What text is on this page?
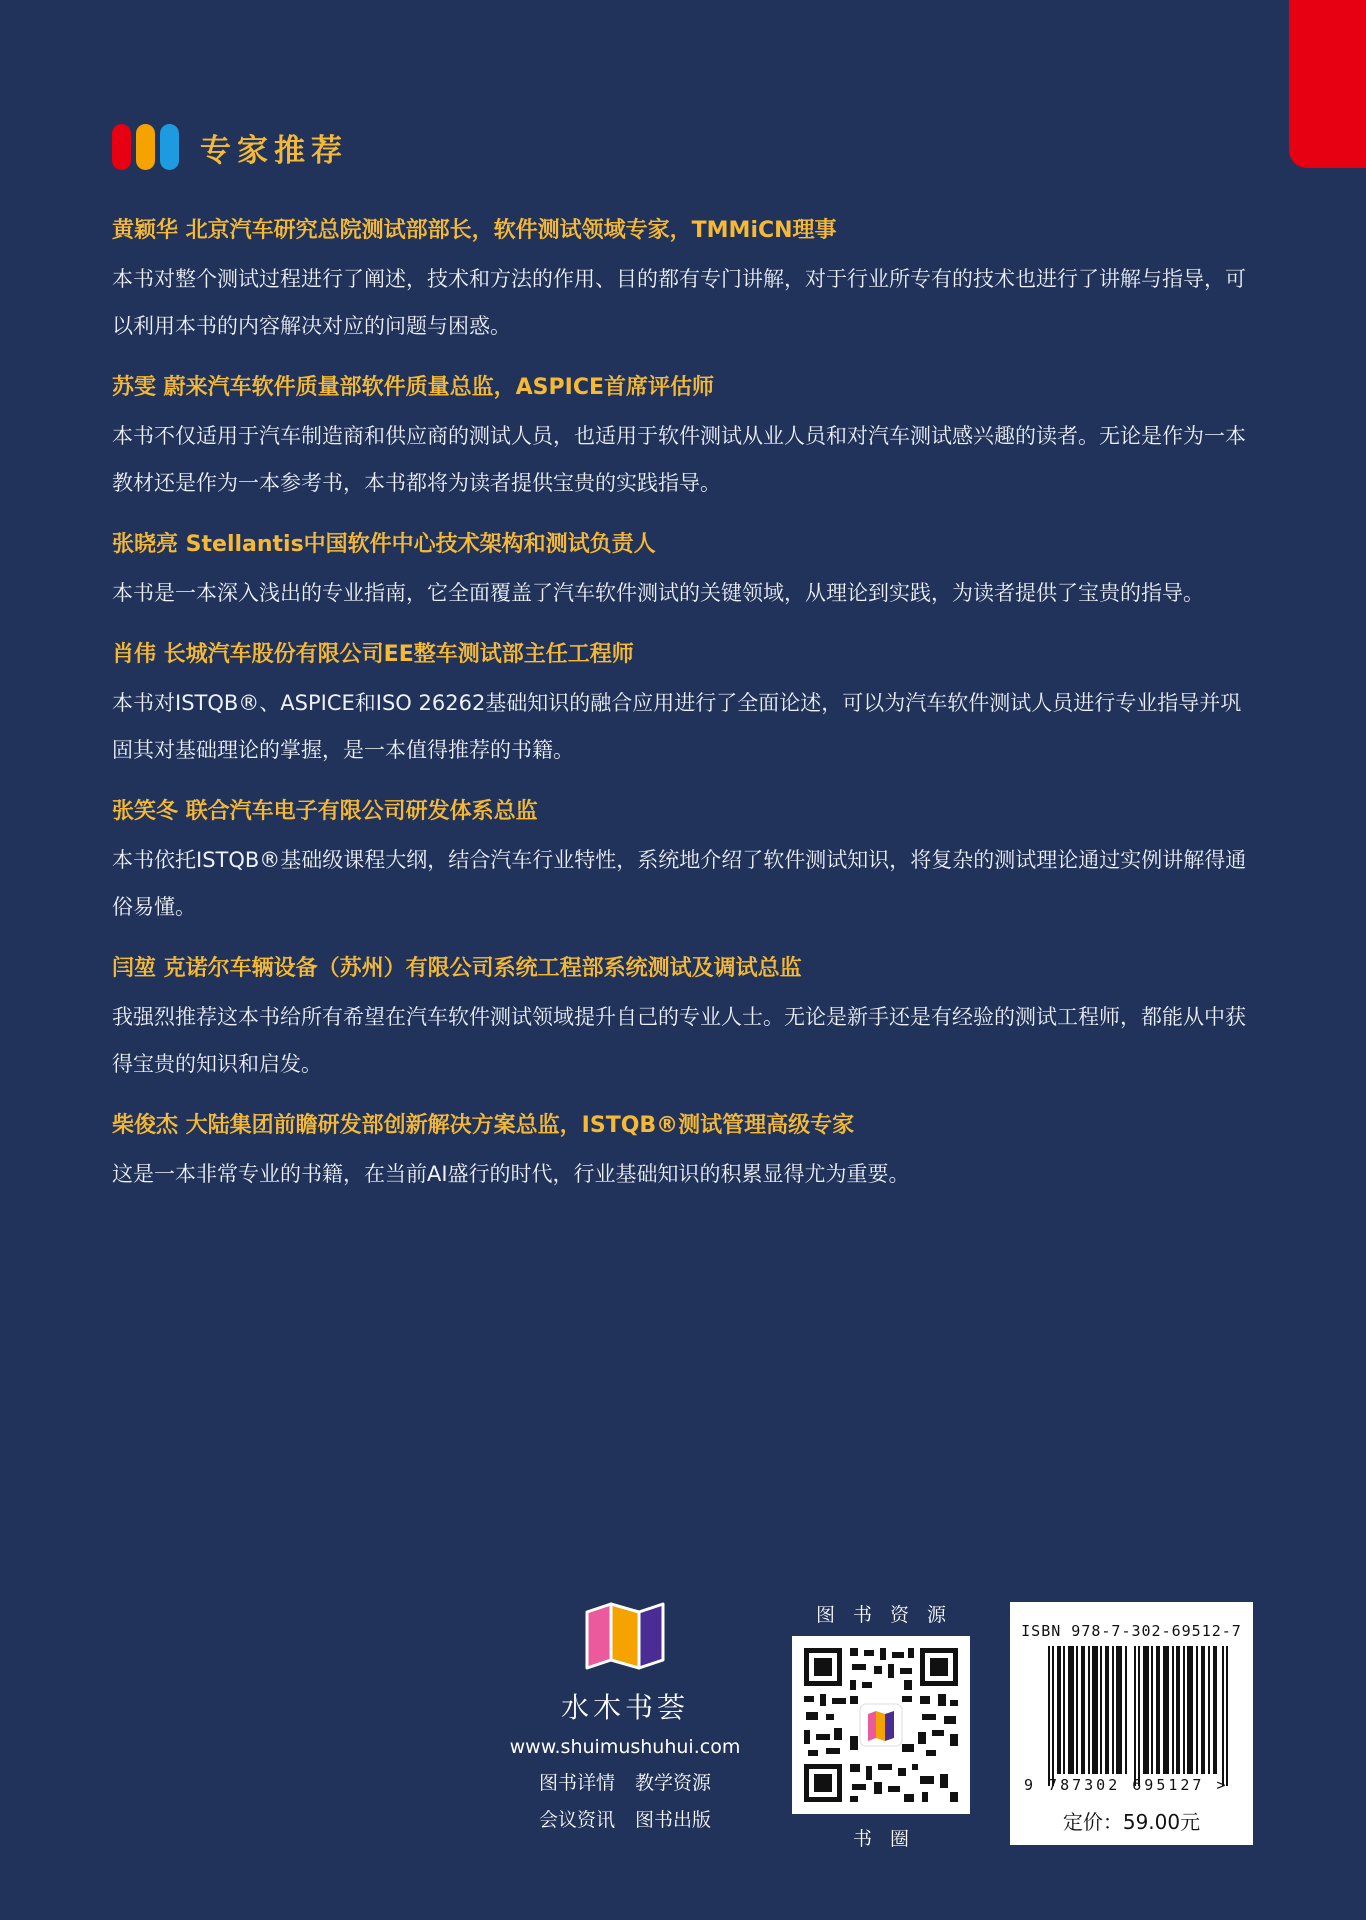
专家推荐
黄颖华 北京汽车研究总院测试部部长，软件测试领域专家，TMMiCN理事

本书对整个测试过程进行了阐述，技术和方法的作用、目的都有专门讲解，对于行业所专有的技术也进行了讲解与指导，可以利用本书的内容解决对应的问题与困惑。

苏雯 蔚来汽车软件质量部软件质量总监，ASPICE首席评估师

本书不仅适用于汽车制造商和供应商的测试人员，也适用于软件测试从业人员和对汽车测试感兴趣的读者。无论是作为一本教材还是作为一本参考书，本书都将为读者提供宝贵的实践指导。

张晓亮 Stellantis中国软件中心技术架构和测试负责人

本书是一本深入浅出的专业指南，它全面覆盖了汽车软件测试的关键领域，从理论到实践，为读者提供了宝贵的指导。

肖伟 长城汽车股份有限公司EE整车测试部主任工程师

本书对ISTQB®、ASPICE和ISO 26262基础知识的融合应用进行了全面论述，可以为汽车软件测试人员进行专业指导并巩固其对基础理论的掌握，是一本值得推荐的书籍。

张笑冬 联合汽车电子有限公司研发体系总监

本书依托ISTQB®基础级课程大纲，结合汽车行业特性，系统地介绍了软件测试知识，将复杂的测试理论通过实例讲解得通俗易懂。

闫堃 克诺尔车辆设备（苏州）有限公司系统工程部系统测试及调试总监

我强烈推荐这本书给所有希望在汽车软件测试领域提升自己的专业人士。无论是新手还是有经验的测试工程师，都能从中获得宝贵的知识和启发。

柴俊杰 大陆集团前瞻研发部创新解决方案总监，ISTQB®测试管理高级专家

这是一本非常专业的书籍，在当前AI盛行的时代，行业基础知识的积累显得尤为重要。

水木书荟
www.shuimushuhui.com
图书详情 教学资源
会议资讯 图书出版
图书资源
书圈
ISBN 978-7-302-69512-7
9 787302 695127 >
定价：59.00元
